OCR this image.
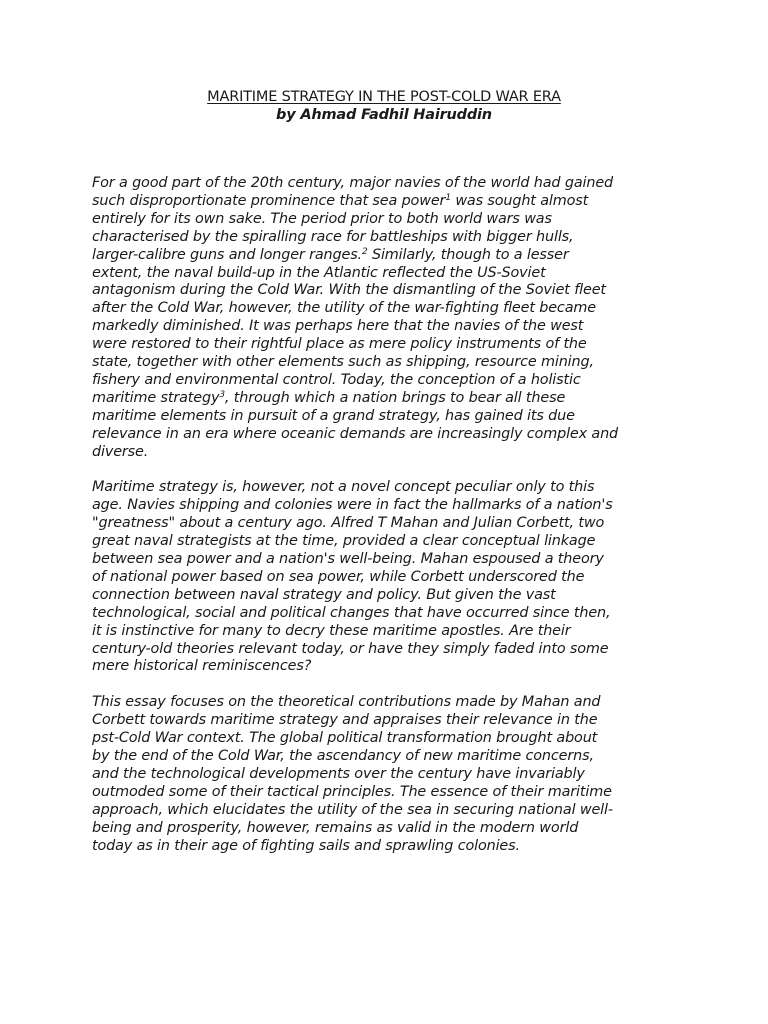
MARITIME STRATEGY IN THE POST-COLD WAR ERA
by Ahmad Fadhil Hairuddin

For a good part of the 20th century, major navies of the world had gained
such disproportionate prominence that sea power$^1$ was sought almost
entirely for its own sake. The period prior to both world wars was
characterised by the spiralling race for battleships with bigger hulls,
larger-calibre guns and longer ranges.$^2$ Similarly, though to a lesser
extent, the naval build-up in the Atlantic reflected the US-Soviet
antagonism during the Cold War. With the dismantling of the Soviet fleet
after the Cold War, however, the utility of the war-fighting fleet became
markedly diminished. It was perhaps here that the navies of the west
were restored to their rightful place as mere policy instruments of the
state, together with other elements such as shipping, resource mining,
fishery and environmental control. Today, the conception of a holistic
maritime strategy$^3$, through which a nation brings to bear all these
maritime elements in pursuit of a grand strategy, has gained its due
relevance in an era where oceanic demands are increasingly complex and
diverse.

Maritime strategy is, however, not a novel concept peculiar only to this
age. Navies shipping and colonies were in fact the hallmarks of a nation's
"greatness" about a century ago. Alfred T Mahan and Julian Corbett, two
great naval strategists at the time, provided a clear conceptual linkage
between sea power and a nation's well-being. Mahan espoused a theory
of national power based on sea power, while Corbett underscored the
connection between naval strategy and policy. But given the vast
technological, social and political changes that have occurred since then,
it is instinctive for many to decry these maritime apostles. Are their
century-old theories relevant today, or have they simply faded into some
mere historical reminiscences?

This essay focuses on the theoretical contributions made by Mahan and
Corbett towards maritime strategy and appraises their relevance in the
pst-Cold War context. The global political transformation brought about
by the end of the Cold War, the ascendancy of new maritime concerns,
and the technological developments over the century have invariably
outmoded some of their tactical principles. The essence of their maritime
approach, which elucidates the utility of the sea in securing national well-
being and prosperity, however, remains as valid in the modern world
today as in their age of fighting sails and sprawling colonies.
